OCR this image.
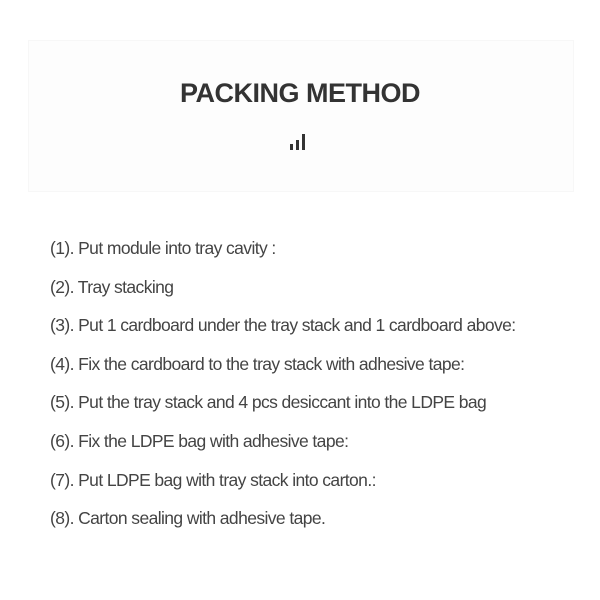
PACKING METHOD
(1). Put module into tray cavity :
(2). Tray stacking
(3). Put 1 cardboard under the tray stack and 1 cardboard above:
(4). Fix the cardboard to the tray stack with adhesive tape:
(5). Put the tray stack and 4 pcs desiccant into the LDPE bag
(6). Fix the LDPE bag with adhesive tape:
(7). Put LDPE bag with tray stack into carton.:
(8). Carton sealing with adhesive tape.
